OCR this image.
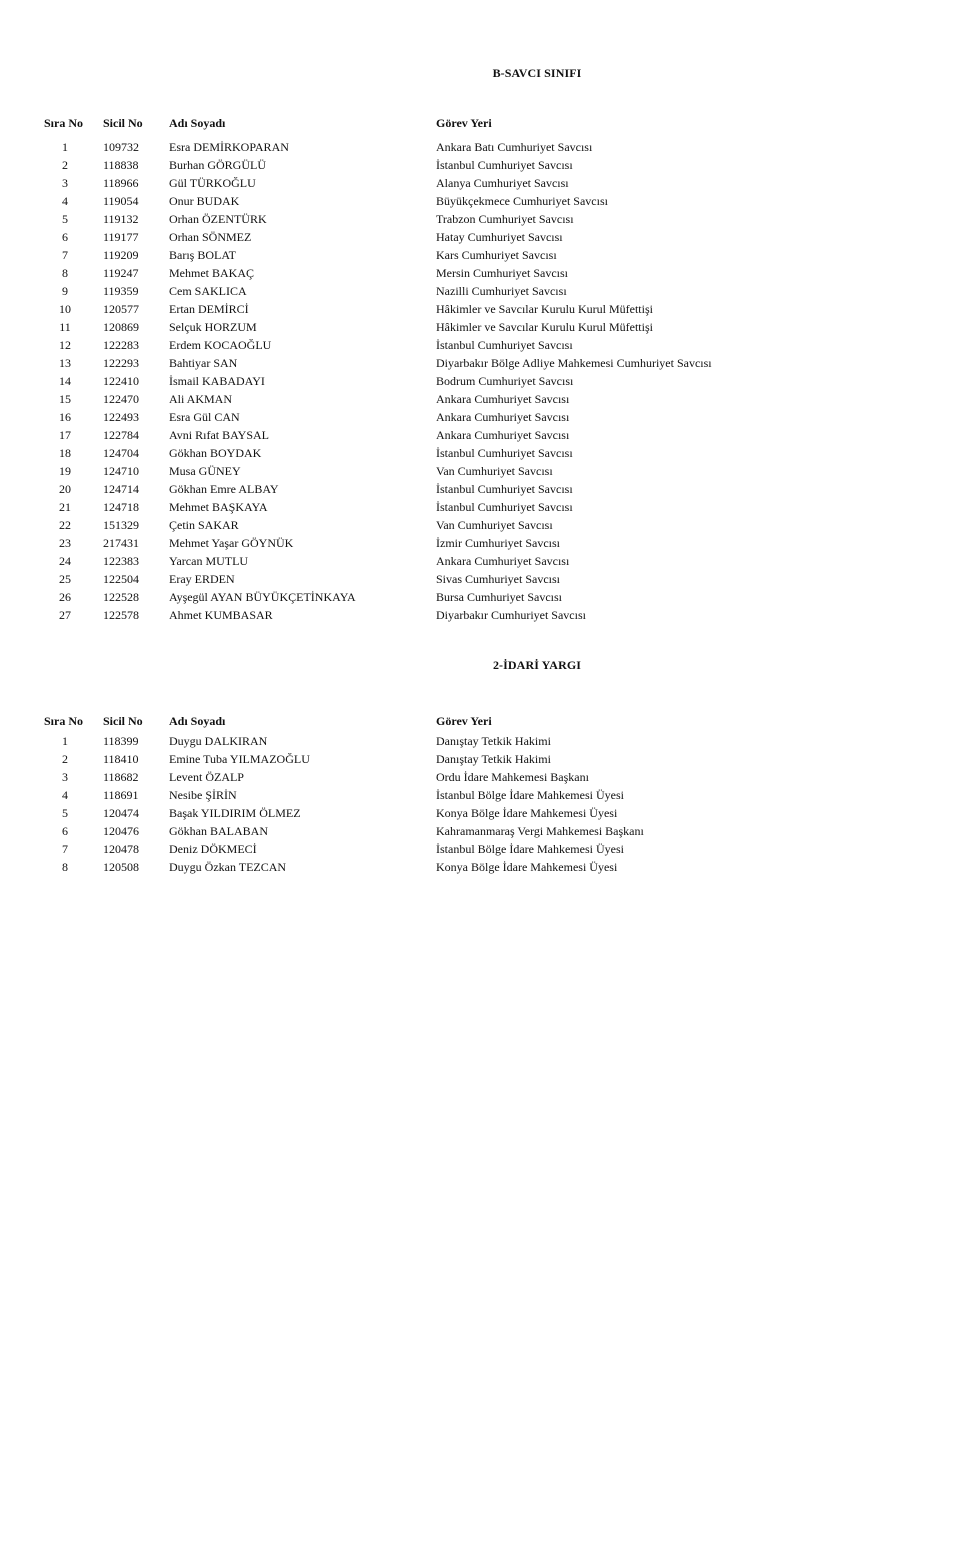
B-SAVCI SINIFI
Sıra No	Sicil No	Adı Soyadı	Görev Yeri
1	109732	Esra DEMİRKOPARAN	Ankara Batı Cumhuriyet Savcısı
2	118838	Burhan GÖRGÜLÜ	İstanbul Cumhuriyet Savcısı
3	118966	Gül TÜRKOĞLU	Alanya Cumhuriyet Savcısı
4	119054	Onur BUDAK	Büyükçekmece Cumhuriyet Savcısı
5	119132	Orhan ÖZENTÜRK	Trabzon Cumhuriyet Savcısı
6	119177	Orhan SÖNMEZ	Hatay Cumhuriyet Savcısı
7	119209	Barış BOLAT	Kars Cumhuriyet Savcısı
8	119247	Mehmet BAKAÇ	Mersin Cumhuriyet Savcısı
9	119359	Cem SAKLICA	Nazilli Cumhuriyet Savcısı
10	120577	Ertan DEMİRCİ	Hâkimler ve Savcılar Kurulu Kurul Müfettişi
11	120869	Selçuk HORZUM	Hâkimler ve Savcılar Kurulu Kurul Müfettişi
12	122283	Erdem KOCAOĞLU	İstanbul Cumhuriyet Savcısı
13	122293	Bahtiyar SAN	Diyarbakır Bölge Adliye Mahkemesi Cumhuriyet Savcısı
14	122410	İsmail KABADAYI	Bodrum Cumhuriyet Savcısı
15	122470	Ali AKMAN	Ankara Cumhuriyet Savcısı
16	122493	Esra Gül CAN	Ankara Cumhuriyet Savcısı
17	122784	Avni Rıfat BAYSAL	Ankara Cumhuriyet Savcısı
18	124704	Gökhan BOYDAK	İstanbul Cumhuriyet Savcısı
19	124710	Musa GÜNEY	Van Cumhuriyet Savcısı
20	124714	Gökhan Emre ALBAY	İstanbul Cumhuriyet Savcısı
21	124718	Mehmet BAŞKAYA	İstanbul Cumhuriyet Savcısı
22	151329	Çetin SAKAR	Van Cumhuriyet Savcısı
23	217431	Mehmet Yaşar GÖYNÜK	İzmir Cumhuriyet Savcısı
24	122383	Yarcan MUTLU	Ankara Cumhuriyet Savcısı
25	122504	Eray ERDEN	Sivas Cumhuriyet Savcısı
26	122528	Ayşegül AYAN BÜYÜKÇETİNKAYA	Bursa Cumhuriyet Savcısı
27	122578	Ahmet KUMBASAR	Diyarbakır Cumhuriyet Savcısı
2-İDARİ YARGI
Sıra No	Sicil No	Adı Soyadı	Görev Yeri
1	118399	Duygu DALKIRAN	Danıştay Tetkik Hakimi
2	118410	Emine Tuba YILMAZOĞLU	Danıştay Tetkik Hakimi
3	118682	Levent ÖZALP	Ordu İdare Mahkemesi Başkanı
4	118691	Nesibe ŞİRİN	İstanbul Bölge İdare Mahkemesi Üyesi
5	120474	Başak YILDIRIM ÖLMEZ	Konya Bölge İdare Mahkemesi Üyesi
6	120476	Gökhan BALABAN	Kahramanmaraş Vergi Mahkemesi Başkanı
7	120478	Deniz DÖKMECİ	İstanbul Bölge İdare Mahkemesi Üyesi
8	120508	Duygu Özkan TEZCAN	Konya Bölge İdare Mahkemesi Üyesi
